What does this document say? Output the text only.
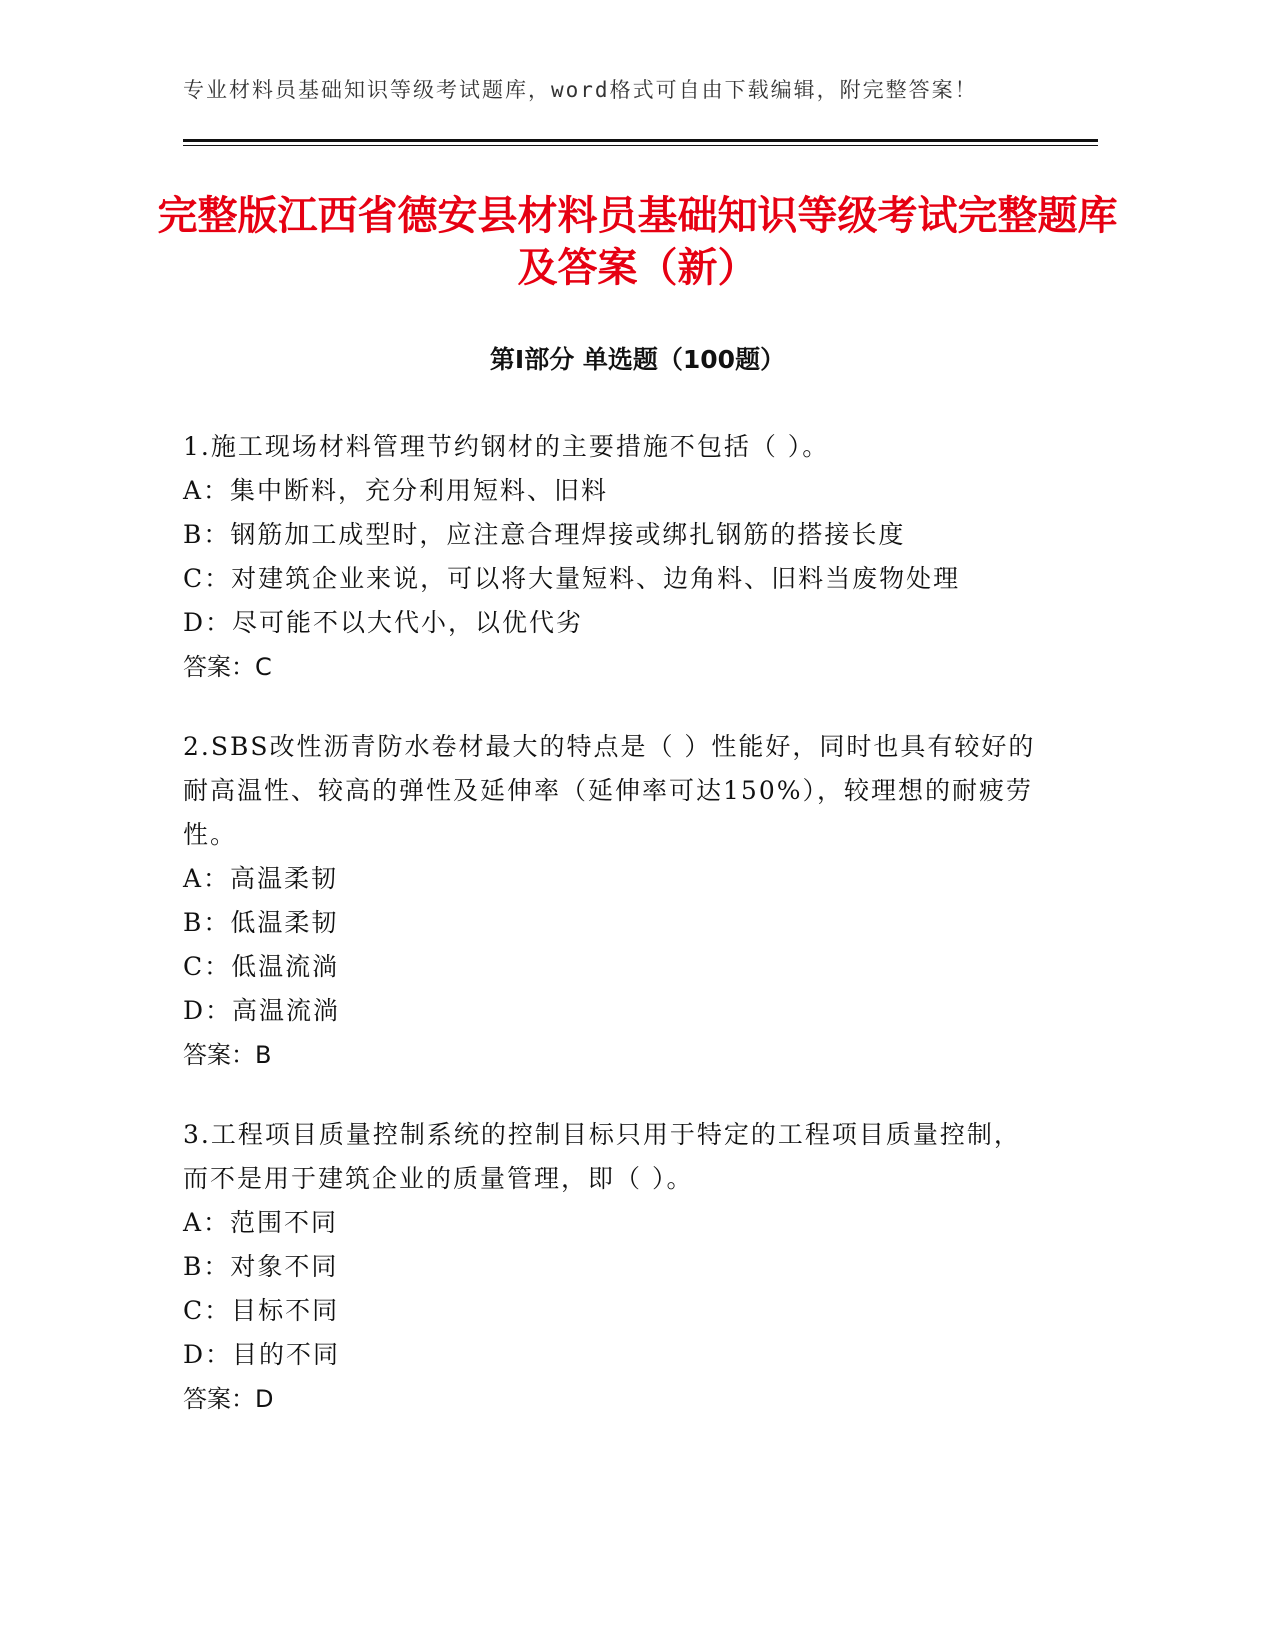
专业材料员基础知识等级考试题库，word格式可自由下载编辑，附完整答案！
完整版江西省德安县材料员基础知识等级考试完整题库及答案（新）
第Ⅰ部分 单选题（100题）
1.施工现场材料管理节约钢材的主要措施不包括（ ）。
A：集中断料，充分利用短料、旧料
B：钢筋加工成型时，应注意合理焊接或绑扎钢筋的搭接长度
C：对建筑企业来说，可以将大量短料、边角料、旧料当废物处理
D：尽可能不以大代小，以优代劣
答案：C
2.SBS改性沥青防水卷材最大的特点是（ ）性能好，同时也具有较好的耐高温性、较高的弹性及延伸率（延伸率可达150%），较理想的耐疲劳性。
A：高温柔韧
B：低温柔韧
C：低温流淌
D：高温流淌
答案：B
3.工程项目质量控制系统的控制目标只用于特定的工程项目质量控制，而不是用于建筑企业的质量管理，即（ ）。
A：范围不同
B：对象不同
C：目标不同
D：目的不同
答案：D
